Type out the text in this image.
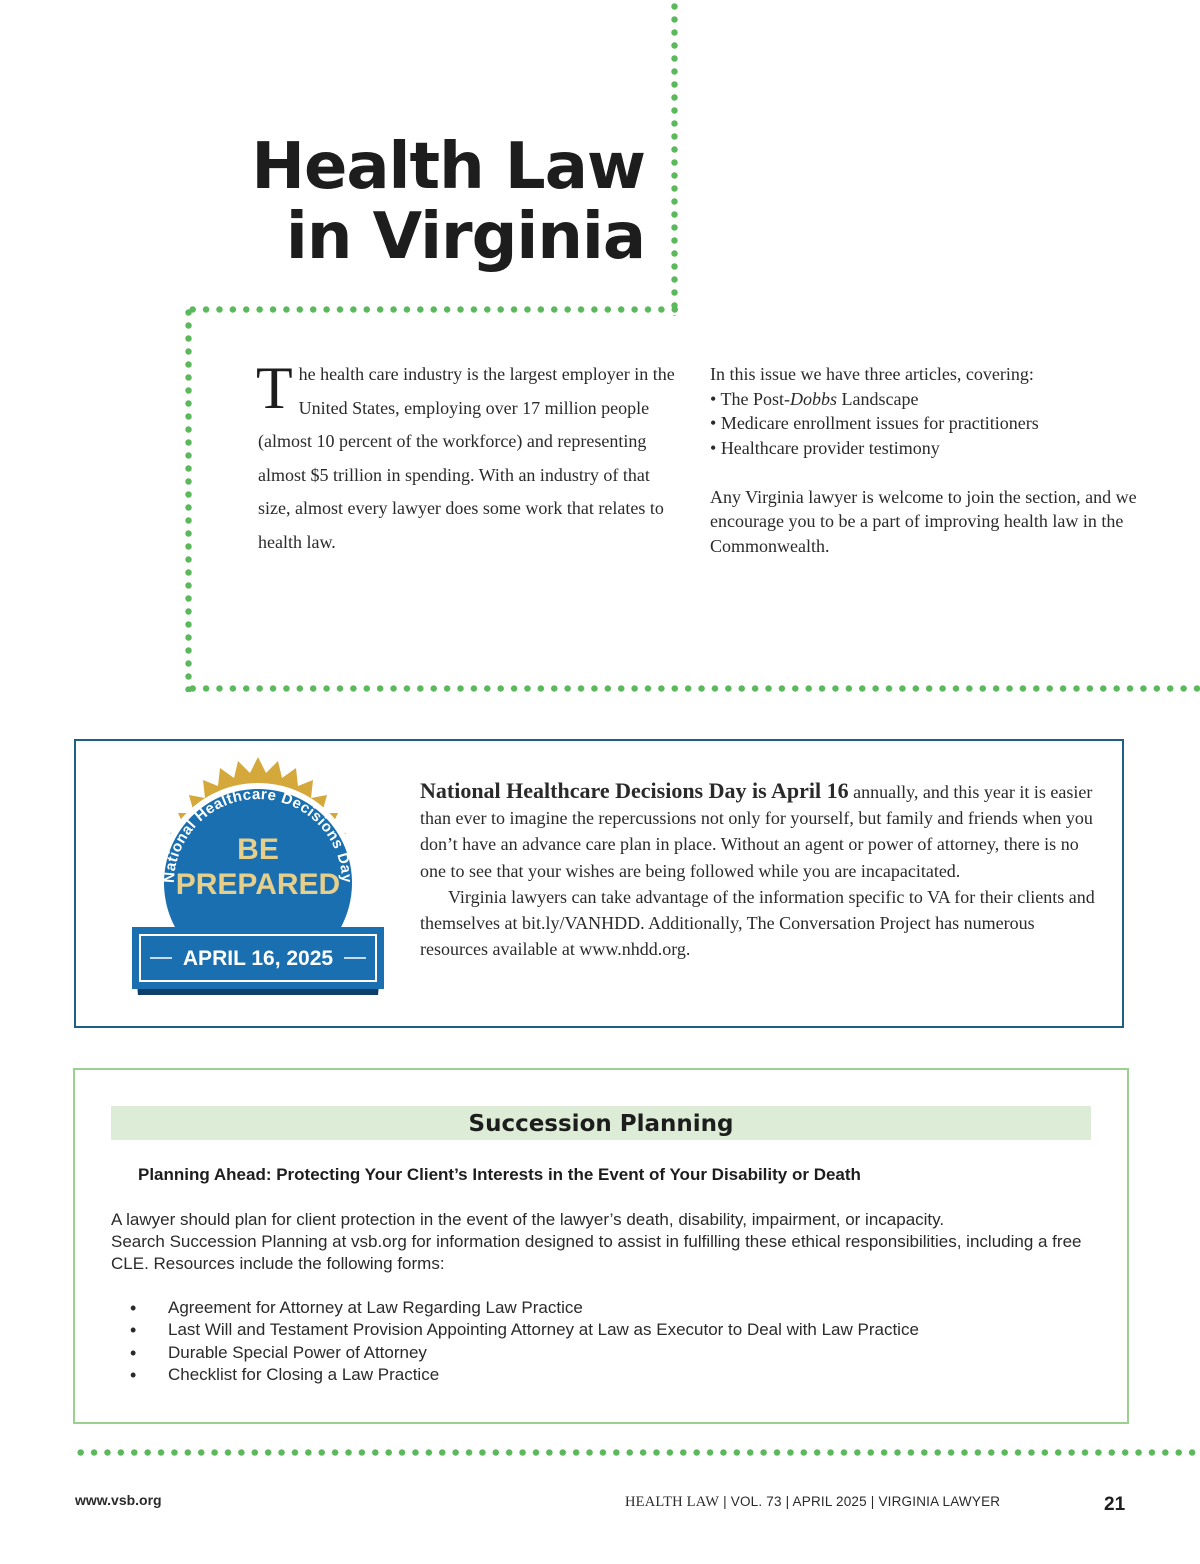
Health Law
in Virginia
The health care industry is the largest employer in the United States, employing over 17 million people (almost 10 percent of the workforce) and representing almost $5 trillion in spending. With an industry of that size, almost every lawyer does some work that relates to health law.

In this issue we have three articles, covering:

• The Post-Dobbs Landscape
• Medicare enrollment issues for practitioners
• Healthcare provider testimony

Any Virginia lawyer is welcome to join the section, and we encourage you to be a part of improving health law in the Commonwealth.

National Healthcare Decisions Day
BE
PREPARED
APRIL 16, 2025

National Healthcare Decisions Day is April 16 annually, and this year it is easier than ever to imagine the repercussions not only for yourself, but family and friends when you don’t have an advance care plan in place. Without an agent or power of attorney, there is no one to see that your wishes are being followed while you are incapacitated.

Virginia lawyers can take advantage of the information specific to VA for their clients and themselves at bit.ly/VANHDD. Additionally, The Conversation Project has numerous resources available at www.nhdd.org.

Succession Planning
Planning Ahead: Protecting Your Client’s Interests in the Event of Your Disability or Death

A lawyer should plan for client protection in the event of the lawyer’s death, disability, impairment, or incapacity.

Search Succession Planning at vsb.org for information designed to assist in fulfilling these ethical responsibilities, including a free CLE. Resources include the following forms:

• Agreement for Attorney at Law Regarding Law Practice
• Last Will and Testament Provision Appointing Attorney at Law as Executor to Deal with Law Practice
• Durable Special Power of Attorney
• Checklist for Closing a Law Practice
www.vsb.org	HEALTH LAW | VOL. 73 | APRIL 2025 | VIRGINIA LAWYER	21
